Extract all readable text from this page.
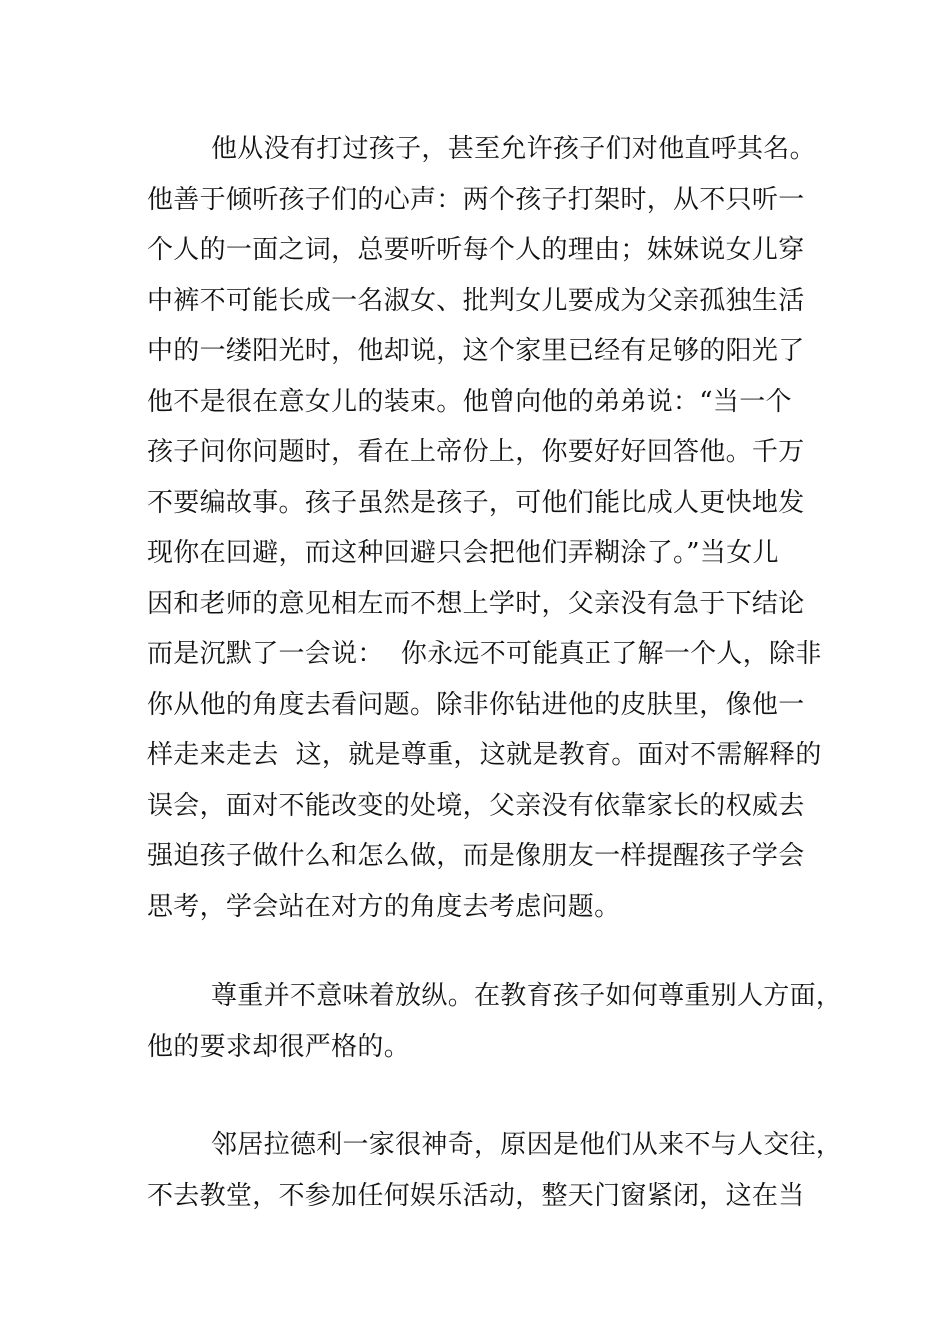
他从没有打过孩子，甚至允许孩子们对他直呼其名。
他善于倾听孩子们的心声：两个孩子打架时，从不只听一
个人的一面之词，总要听听每个人的理由；妹妹说女儿穿
中裤不可能长成一名淑女、批判女儿要成为父亲孤独生活
中的一缕阳光时，他却说，这个家里已经有足够的阳光了
他不是很在意女儿的装束。他曾向他的弟弟说：“当一个
孩子问你问题时，看在上帝份上，你要好好回答他。千万
不要编故事。孩子虽然是孩子，可他们能比成人更快地发
现你在回避，而这种回避只会把他们弄糊涂了。”当女儿
因和老师的意见相左而不想上学时，父亲没有急于下结论
而是沉默了一会说：  你永远不可能真正了解一个人，除非
你从他的角度去看问题。除非你钻进他的皮肤里，像他一
样走来走去  这，就是尊重，这就是教育。面对不需解释的
误会，面对不能改变的处境，父亲没有依靠家长的权威去
强迫孩子做什么和怎么做，而是像朋友一样提醒孩子学会
思考，学会站在对方的角度去考虑问题。
尊重并不意味着放纵。在教育孩子如何尊重别人方面，
他的要求却很严格的。
邻居拉德利一家很神奇，原因是他们从来不与人交往，
不去教堂，不参加任何娱乐活动，整天门窗紧闭，这在当
